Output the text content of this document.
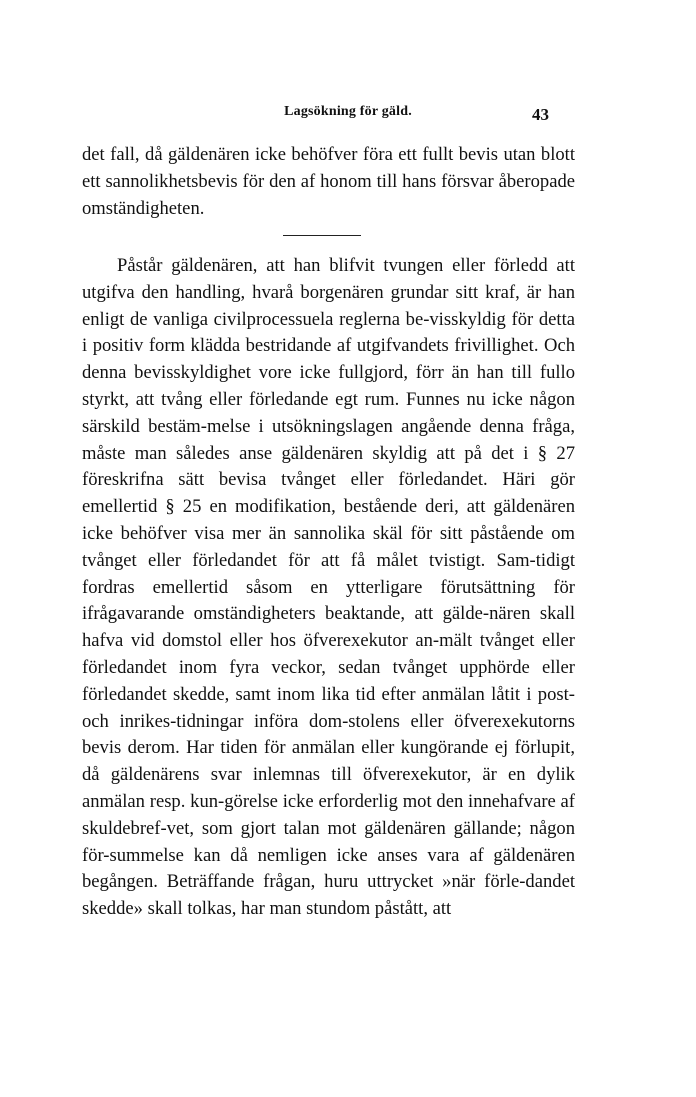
Lagsökning för gäld.	43

det fall, då gäldenären icke behöfver föra ett fullt bevis utan blott ett sannolikhetsbevis för den af honom till hans försvar åberopade omständigheten.

Påstår gäldenären, att han blifvit tvungen eller förledd att utgifva den handling, hvarå borgenären grundar sitt kraf, är han enligt de vanliga civilprocessuela reglerna be-visskyldig för detta i positiv form klädda bestridande af utgifvandets frivillighet. Och denna bevisskyldighet vore icke fullgjord, förr än han till fullo styrkt, att tvång eller förledande egt rum. Funnes nu icke någon särskild bestäm-melse i utsökningslagen angående denna fråga, måste man således anse gäldenären skyldig att på det i § 27 föreskrifna sätt bevisa tvånget eller förledandet. Häri gör emellertid § 25 en modifikation, bestående deri, att gäldenären icke behöfver visa mer än sannolika skäl för sitt påstående om tvånget eller förledandet för att få målet tvistigt. Sam-tidigt fordras emellertid såsom en ytterligare förutsättning för ifrågavarande omständigheters beaktande, att gälde-nären skall hafva vid domstol eller hos öfverexekutor an-mält tvånget eller förledandet inom fyra veckor, sedan tvånget upphörde eller förledandet skedde, samt inom lika tid efter anmälan låtit i post- och inrikes-tidningar införa dom-stolens eller öfverexekutorns bevis derom. Har tiden för anmälan eller kungörande ej förlupit, då gäldenärens svar inlemnas till öfverexekutor, är en dylik anmälan resp. kun-görelse icke erforderlig mot den innehafvare af skuldebref-vet, som gjort talan mot gäldenären gällande; någon för-summelse kan då nemligen icke anses vara af gäldenären begången. Beträffande frågan, huru uttrycket »när förle-dandet skedde» skall tolkas, har man stundom påstått, att
